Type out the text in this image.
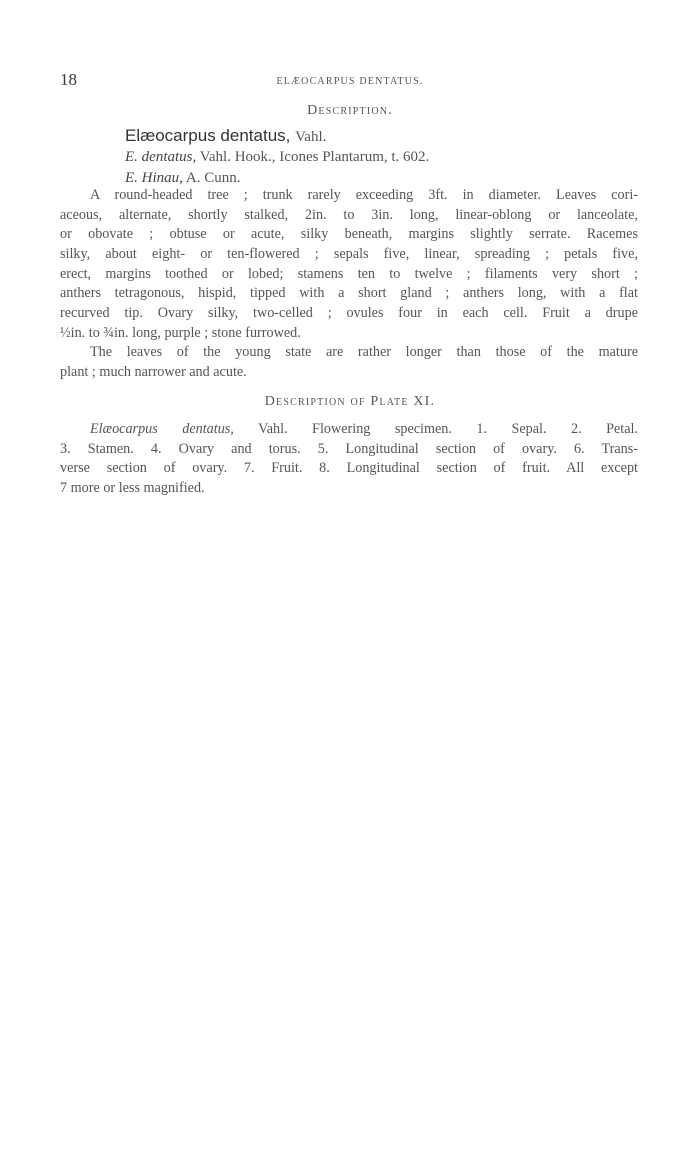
18	ELÆOCARPUS DENTATUS.
Description.
Elæocarpus dentatus, Vahl.
E. dentatus, Vahl. Hook., Icones Plantarum, t. 602.
E. Hinau, A. Cunn.
A round-headed tree ; trunk rarely exceeding 3ft. in diameter. Leaves cori-
aceous, alternate, shortly stalked, 2in. to 3in. long, linear-oblong or lanceolate,
or obovate ; obtuse or acute, silky beneath, margins slightly serrate. Racemes
silky, about eight- or ten-flowered ; sepals five, linear, spreading ; petals five,
erect, margins toothed or lobed; stamens ten to twelve ; filaments very short ;
anthers tetragonous, hispid, tipped with a short gland ; anthers long, with a flat
recurved tip. Ovary silky, two-celled ; ovules four in each cell. Fruit a drupe
½in. to ¾in. long, purple ; stone furrowed.
The leaves of the young state are rather longer than those of the mature
plant ; much narrower and acute.
Description of Plate XI.
Elæocarpus dentatus, Vahl. Flowering specimen. 1. Sepal. 2. Petal.
3. Stamen. 4. Ovary and torus. 5. Longitudinal section of ovary. 6. Trans-
verse section of ovary. 7. Fruit. 8. Longitudinal section of fruit. All except
7 more or less magnified.
